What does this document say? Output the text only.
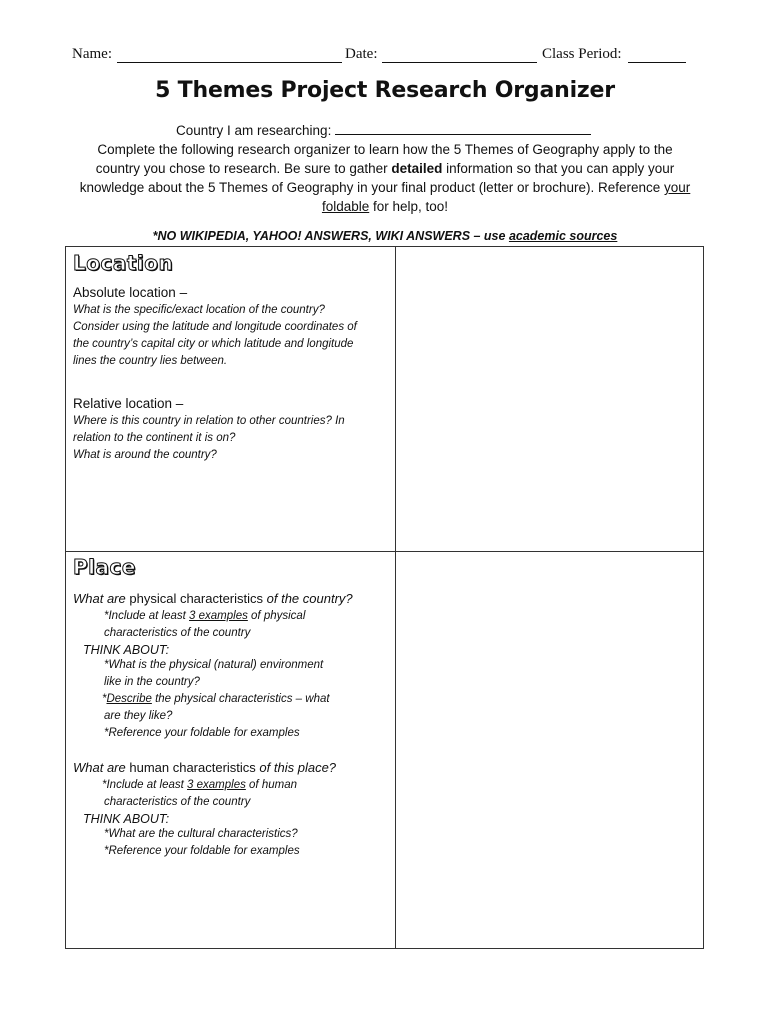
Name:	Date:	Class Period:
5 Themes Project Research Organizer
Country I am researching:
Complete the following research organizer to learn how the 5 Themes of Geography apply to the country you chose to research. Be sure to gather detailed information so that you can apply your knowledge about the 5 Themes of Geography in your final product (letter or brochure). Reference your foldable for help, too!
*NO WIKIPEDIA, YAHOO! ANSWERS, WIKI ANSWERS – use academic sources
Location
Absolute location –

What is the specific/exact location of the country?

Consider using the latitude and longitude coordinates of

the country’s capital city or which latitude and longitude

lines the country lies between.

Relative location –

Where is this country in relation to other countries? In

relation to the continent it is on?

What is around the country?

Place
What are physical characteristics of the country?

*Include at least 3 examples of physical

characteristics of the country

THINK ABOUT:

*What is the physical (natural) environment

like in the country?

*Describe the physical characteristics – what

are they like?

*Reference your foldable for examples

What are human characteristics of this place?

*Include at least 3 examples of human

characteristics of the country

THINK ABOUT:

*What are the cultural characteristics?

*Reference your foldable for examples
